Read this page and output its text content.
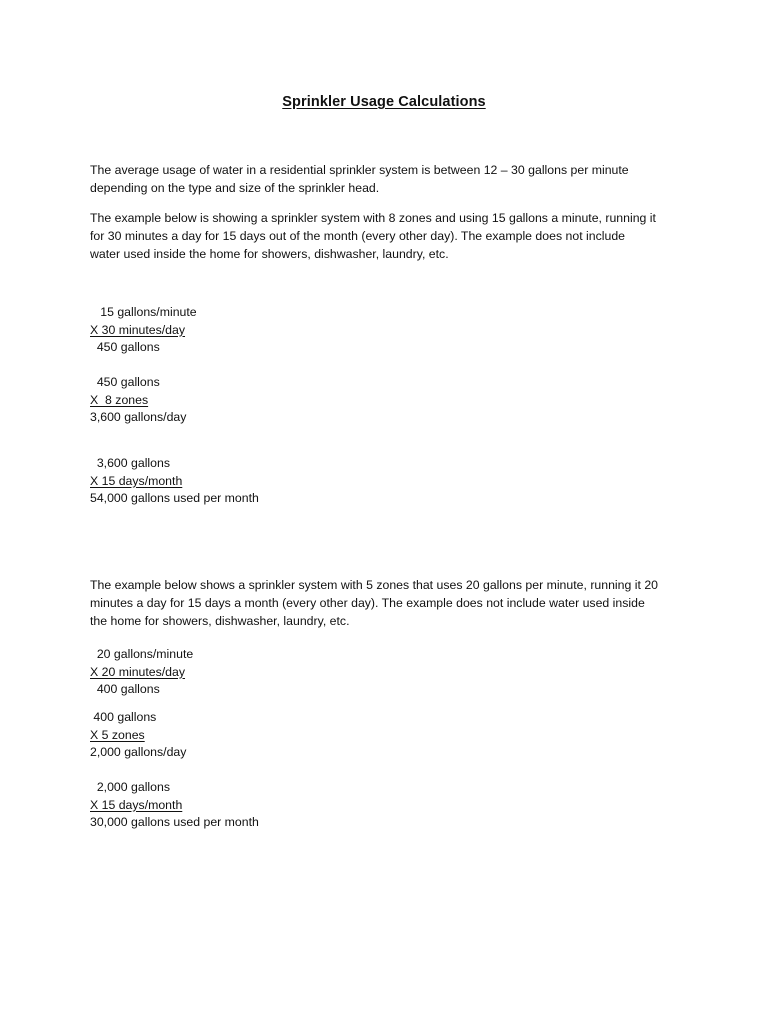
Sprinkler Usage Calculations

The average usage of water in a residential sprinkler system is between 12 – 30 gallons per minute
depending on the type and size of the sprinkler head.

The example below is showing a sprinkler system with 8 zones and using 15 gallons a minute, running it
for 30 minutes a day for 15 days out of the month (every other day). The example does not include
water used inside the home for showers, dishwasher, laundry, etc.

15 gallons/minute
X 30 minutes/day
450 gallons
450 gallons
X  8 zones
3,600 gallons/day
3,600 gallons
X 15 days/month
54,000 gallons used per month

The example below shows a sprinkler system with 5 zones that uses 20 gallons per minute, running it 20
minutes a day for 15 days a month (every other day). The example does not include water used inside
the home for showers, dishwasher, laundry, etc.

20 gallons/minute
X 20 minutes/day
400 gallons
400 gallons
X 5 zones
2,000 gallons/day
2,000 gallons
X 15 days/month
30,000 gallons used per month
